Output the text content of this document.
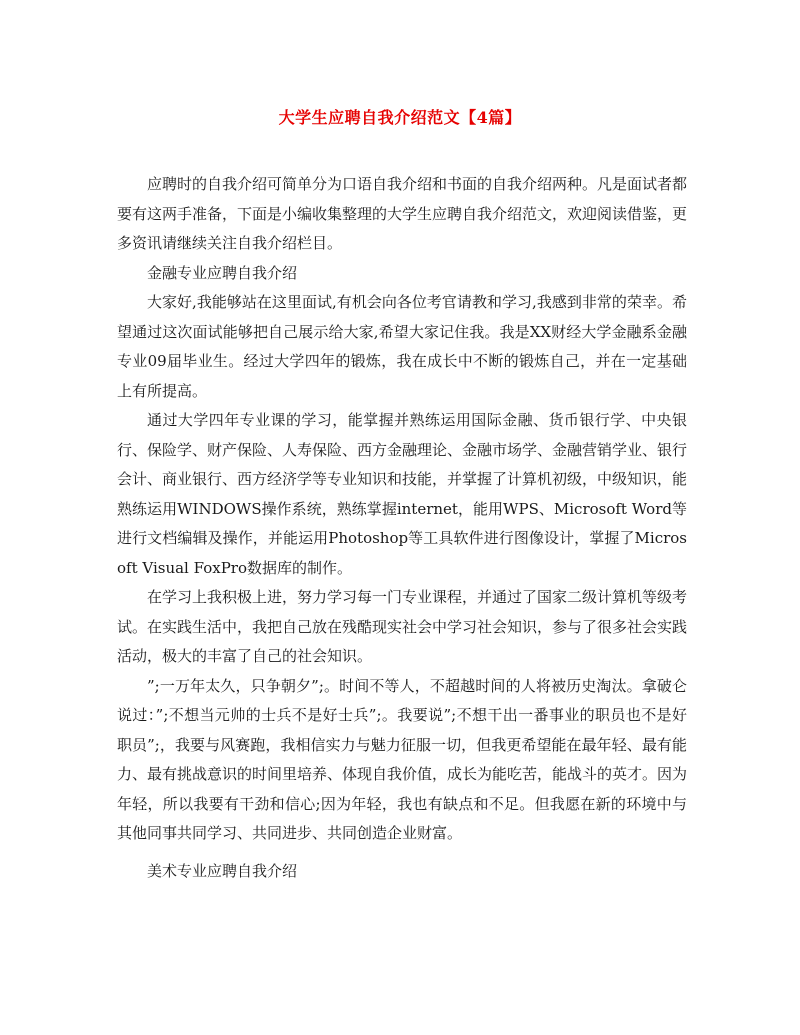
大学生应聘自我介绍范文【4篇】

应聘时的自我介绍可简单分为口语自我介绍和书面的自我介绍两种。凡是面试者都要有这两手准备，下面是小编收集整理的大学生应聘自我介绍范文，欢迎阅读借鉴，更多资讯请继续关注自我介绍栏目。

金融专业应聘自我介绍

大家好,我能够站在这里面试,有机会向各位考官请教和学习,我感到非常的荣幸。希望通过这次面试能够把自己展示给大家,希望大家记住我。我是XX财经大学金融系金融专业09届毕业生。经过大学四年的锻炼，我在成长中不断的锻炼自己，并在一定基础上有所提高。

通过大学四年专业课的学习，能掌握并熟练运用国际金融、货币银行学、中央银行、保险学、财产保险、人寿保险、西方金融理论、金融市场学、金融营销学业、银行会计、商业银行、西方经济学等专业知识和技能，并掌握了计算机初级，中级知识，能熟练运用WINDOWS操作系统，熟练掌握internet，能用WPS、Microsoft Word等进行文档编辑及操作，并能运用Photoshop等工具软件进行图像设计，掌握了Microsoft Visual FoxPro数据库的制作。

在学习上我积极上进，努力学习每一门专业课程，并通过了国家二级计算机等级考试。在实践生活中，我把自己放在残酷现实社会中学习社会知识，参与了很多社会实践活动，极大的丰富了自己的社会知识。

”;一万年太久，只争朝夕”;。时间不等人，不超越时间的人将被历史淘汰。拿破仑说过：”;不想当元帅的士兵不是好士兵”;。我要说”;不想干出一番事业的职员也不是好职员”;，我要与风赛跑，我相信实力与魅力征服一切，但我更希望能在最年轻、最有能力、最有挑战意识的时间里培养、体现自我价值，成长为能吃苦，能战斗的英才。因为年轻，所以我要有干劲和信心;因为年轻，我也有缺点和不足。但我愿在新的环境中与其他同事共同学习、共同进步、共同创造企业财富。

美术专业应聘自我介绍
